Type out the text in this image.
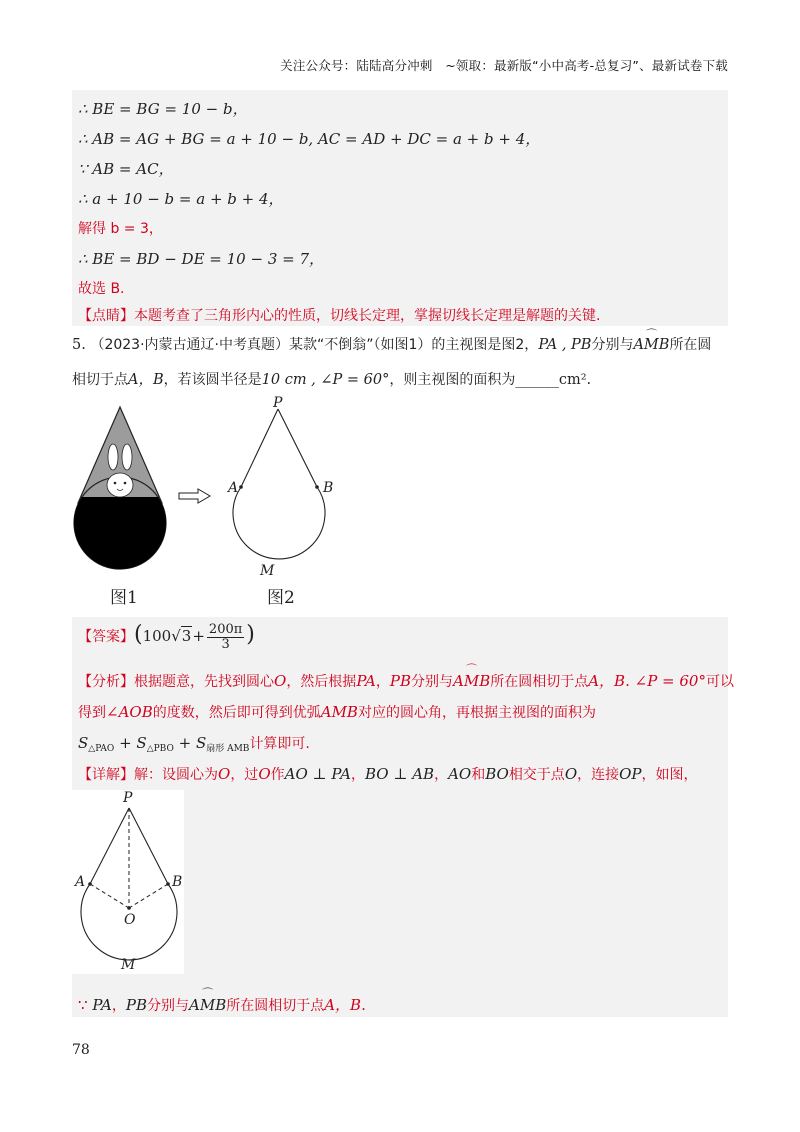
关注公众号：陆陆高分冲刺　~领取：最新版“小中高考-总复习”、最新试卷下载
∴ BE = BG = 10 − b，
∴ AB = AG + BG = a + 10 − b, AC = AD + DC = a + b + 4，
∵ AB = AC，
∴ a + 10 − b = a + b + 4，
解得 b = 3，
∴ BE = BD − DE = 10 − 3 = 7，
故选 B.
【点睛】本题考查了三角形内心的性质，切线长定理，掌握切线长定理是解题的关键.
5. （2023·内蒙古通辽·中考真题）某款“不倒翁”（如图1）的主视图是图2，PA , PB分别与⌒ AMB所在圆
相切于点A，B，若该圆半径是10 cm , ∠P = 60°，则主视图的面积为______cm².
图1
P
A	B
M
图2
【答案】($100√3+ \frac{200\pi}{3}$ )
【分析】根据题意，先找到圆心O，然后根据PA，PB分别与⌒ AMB所在圆相切于点A，B. ∠P = 60°可以
得到∠AOB的度数，然后即可得到优弧AMB对应的圆心角，再根据主视图的面积为
$S_{\triangle PAO} + S_{\triangle PBO} + S_{扇形 AMB}$计算即可.
【详解】解：设圆心为O，过O作AO ⊥ PA，BO ⊥ AB，AO和BO相交于点O，连接OP，如图，
P
A	B
O
M
∵ PA，PB分别与⌒ AMB所在圆相切于点A，B.
78
